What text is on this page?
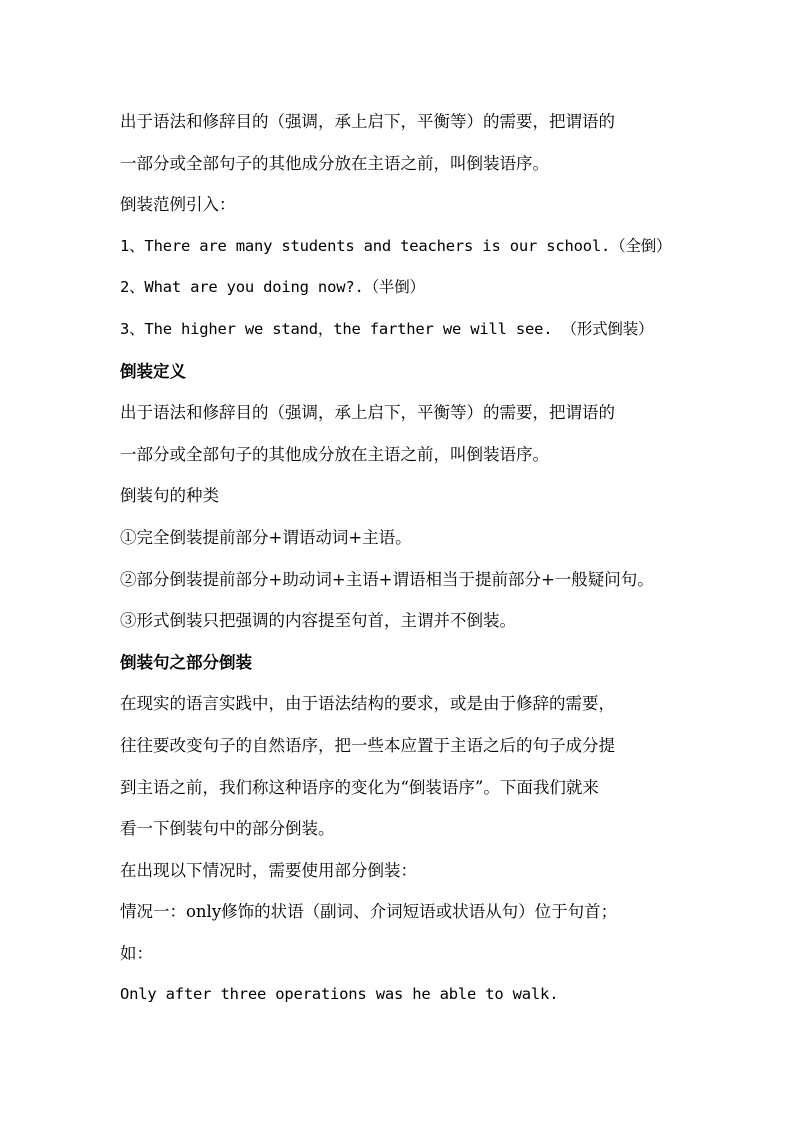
出于语法和修辞目的（强调，承上启下，平衡等）的需要，把谓语的
一部分或全部句子的其他成分放在主语之前，叫倒装语序。
倒装范例引入：
1、There are many students and teachers is our school.（全倒）
2、What are you doing now?.（半倒）
3、The higher we stand，the farther we will see. （形式倒装）
倒装定义
出于语法和修辞目的（强调，承上启下，平衡等）的需要，把谓语的
一部分或全部句子的其他成分放在主语之前，叫倒装语序。
倒装句的种类
①完全倒装提前部分+谓语动词+主语。
②部分倒装提前部分+助动词+主语+谓语相当于提前部分+一般疑问句。
③形式倒装只把强调的内容提至句首，主谓并不倒装。
倒装句之部分倒装
在现实的语言实践中，由于语法结构的要求，或是由于修辞的需要，
往往要改变句子的自然语序，把一些本应置于主语之后的句子成分提
到主语之前，我们称这种语序的变化为“倒装语序”。下面我们就来
看一下倒装句中的部分倒装。
在出现以下情况时，需要使用部分倒装：
情况一：only修饰的状语（副词、介词短语或状语从句）位于句首；
如：
Only after three operations was he able to walk.
